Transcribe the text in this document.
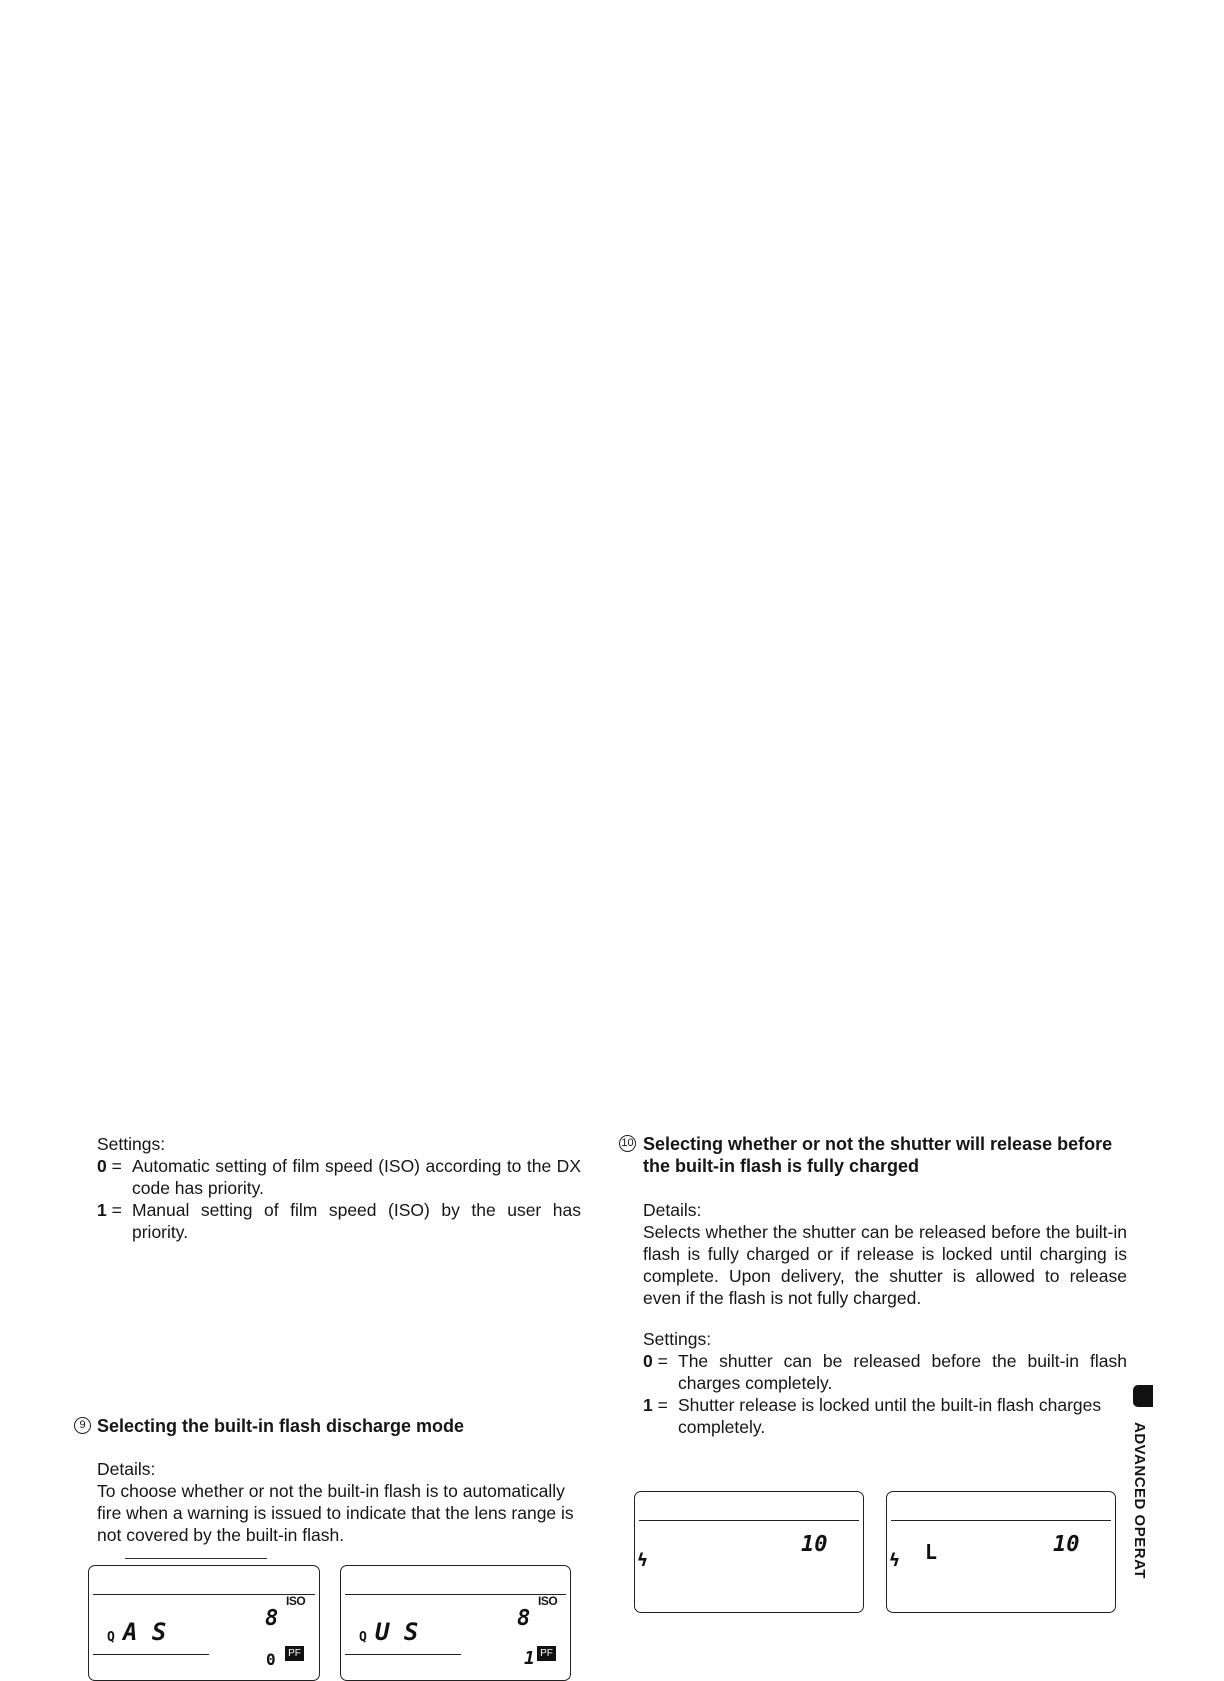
Settings:

0 = Automatic setting of film speed (ISO) according to the DX code has priority.
1 = Manual setting of film speed (ISO) by the user has priority.
Q A S	8
ISO
0	PF
Q U S	8
ISO
1 PF
9 Selecting the built-in flash discharge mode

Details:

To choose whether or not the built-in flash is to automatically fire when a warning is issued to indicate that the lens range is not covered by the built-in flash.

10 Selecting whether or not the shutter will release before
the built-in flash is fully charged

Details:

Selects whether the shutter can be released before the built-in flash is fully charged or if release is locked until charging is complete. Upon delivery, the shutter is allowed to release even if the flash is not fully charged.

Settings:

0 = The shutter can be released before the built-in flash charges completely.
1 = Shutter release is locked until the built-in flash charges completely.
ϟ
10
ϟ L	10	ADVANCED OPERAT
